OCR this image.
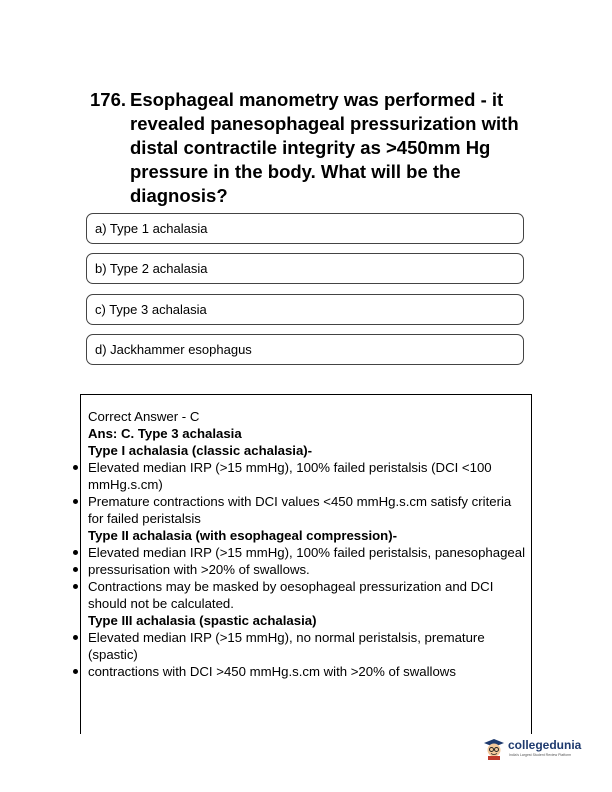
176. Esophageal manometry was performed - it revealed panesophageal pressurization with distal contractile integrity as >450mm Hg pressure in the body. What will be the diagnosis?
a) Type 1 achalasia
b) Type 2 achalasia
c) Type 3 achalasia
d) Jackhammer esophagus
Correct Answer - C
Ans: C. Type 3 achalasia
Type I achalasia (classic achalasia)-
Elevated median IRP (>15 mmHg), 100% failed peristalsis (DCI <100 mmHg.s.cm)
Premature contractions with DCI values <450 mmHg.s.cm satisfy criteria for failed peristalsis
Type II achalasia (with esophageal compression)-
Elevated median IRP (>15 mmHg), 100% failed peristalsis, panesophageal
pressurisation with >20% of swallows.
Contractions may be masked by oesophageal pressurization and DCI should not be calculated.
Type III achalasia (spastic achalasia)
Elevated median IRP (>15 mmHg), no normal peristalsis, premature (spastic)
contractions with DCI >450 mmHg.s.cm with >20% of swallows
collegedunia
India's Largest Student Review Platform
